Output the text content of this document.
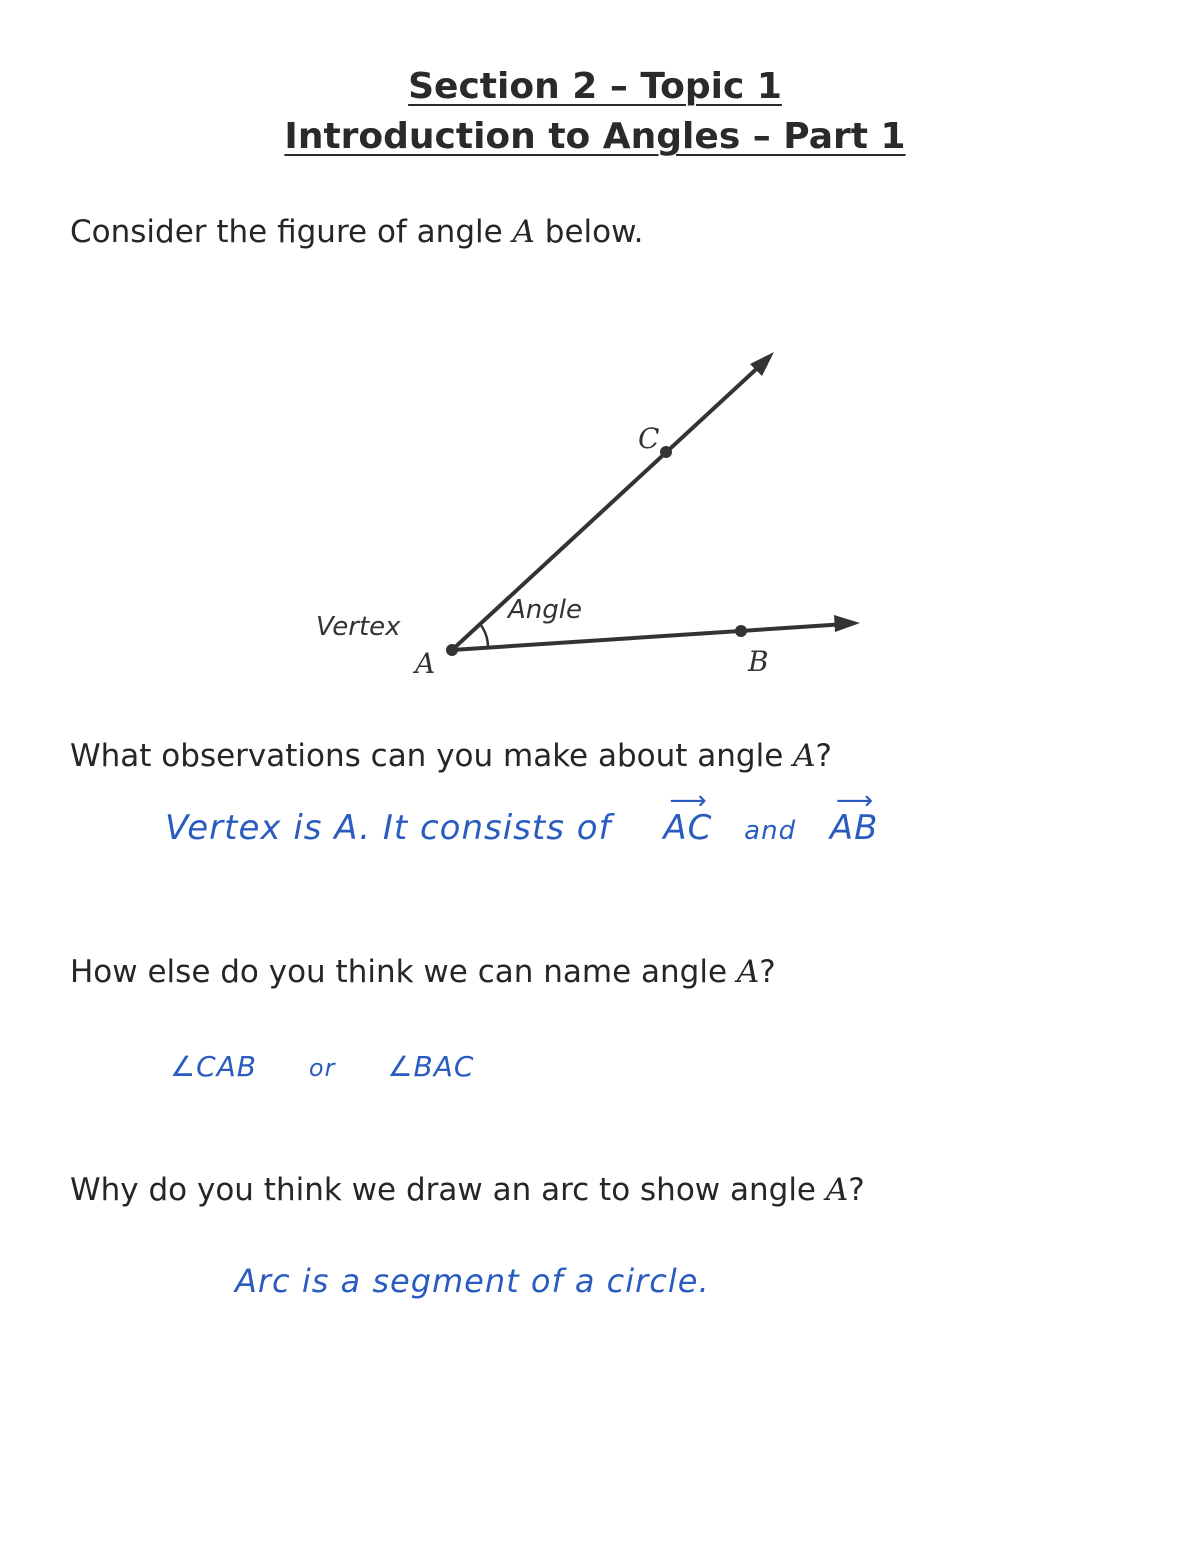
Section 2 – Topic 1
Introduction to Angles – Part 1
Consider the figure of angle A below.
Vertex
Angle
A	B
C
What observations can you make about angle A?
Vertex is A. It consists of
⟶
AC and
⟶
AB
How else do you think we can name angle A?
∠CAB or ∠BAC
Why do you think we draw an arc to show angle A?
Arc is a segment of a circle.
